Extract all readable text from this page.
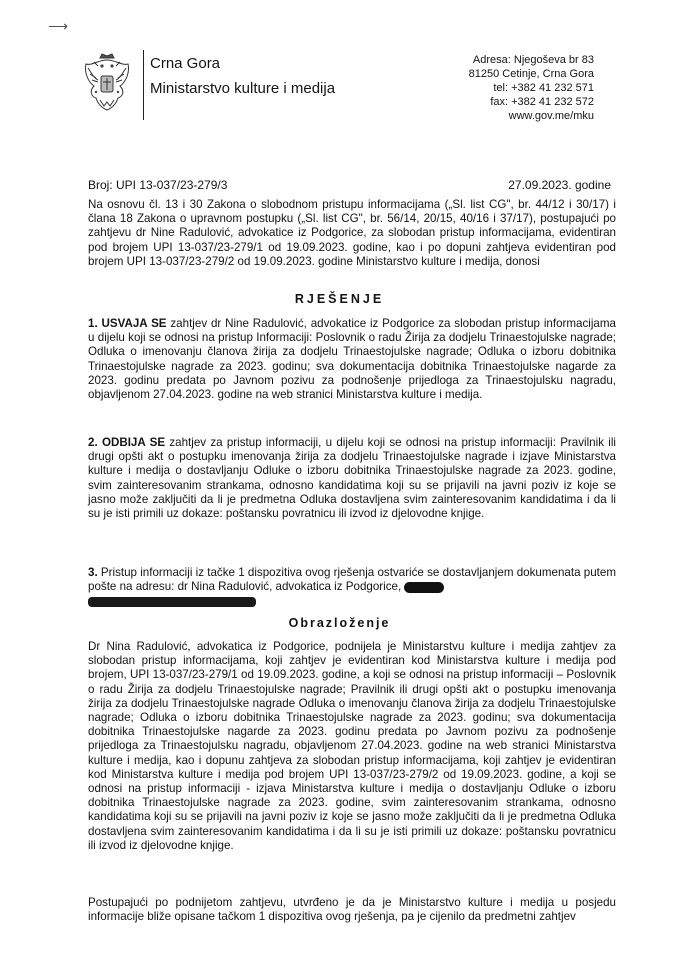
⟶
Crna Gora
Ministarstvo kulture i medija
Adresa: Njegoševa br 83
81250 Cetinje, Crna Gora
tel: +382 41 232 571
fax: +382 41 232 572
www.gov.me/mku
Broj: UPI 13-037/23-279/3	27.09.2023. godine

Na osnovu čl. 13 i 30 Zakona o slobodnom pristupu informacijama („Sl. list CG", br. 44/12 i 30/17) i člana 18 Zakona o upravnom postupku („Sl. list CG", br. 56/14, 20/15, 40/16 i 37/17), postupajući po zahtjevu dr Nine Radulović, advokatice iz Podgorice, za slobodan pristup informacijama, evidentiran pod brojem UPI 13-037/23-279/1 od 19.09.2023. godine, kao i po dopuni zahtjeva evidentiran pod brojem UPI 13-037/23-279/2 od 19.09.2023. godine Ministarstvo kulture i medija, donosi

RJEŠENJE

1. USVAJA SE zahtjev dr Nine Radulović, advokatice iz Podgorice za slobodan pristup informacijama u dijelu koji se odnosi na pristup Informaciji: Poslovnik o radu Žirija za dodjelu Trinaestojulske nagrade; Odluka o imenovanju članova žirija za dodjelu Trinaestojulske nagrade; Odluka o izboru dobitnika Trinaestojulske nagrade za 2023. godinu; sva dokumentacija dobitnika Trinaestojulske nagarde za 2023. godinu predata po Javnom pozivu za podnošenje prijedloga za Trinaestojulsku nagradu, objavljenom 27.04.2023. godine na web stranici Ministarstva kulture i medija.

2. ODBIJA SE zahtjev za pristup informaciji, u dijelu koji se odnosi na pristup informaciji: Pravilnik ili drugi opšti akt o postupku imenovanja žirija za dodjelu Trinaestojulske nagrade i izjave Ministarstva kulture i medija o dostavljanju Odluke o izboru dobitnika Trinaestojulske nagrade za 2023. godine, svim zainteresovanim strankama, odnosno kandidatima koji su se prijavili na javni poziv iz koje se jasno može zaključiti da li je predmetna Odluka dostavljena svim zainteresovanim kandidatima i da li su je isti primili uz dokaze: poštansku povratnicu ili izvod iz djelovodne knjige.

3. Pristup informaciji iz tačke 1 dispozitiva ovog rješenja ostvariće se dostavljanjem dokumenata putem pošte na adresu: dr Nina Radulović, advokatica iz Podgorice,

Obrazloženje

Dr Nina Radulović, advokatica iz Podgorice, podnijela je Ministarstvu kulture i medija zahtjev za slobodan pristup informacijama, koji zahtjev je evidentiran kod Ministarstva kulture i medija pod brojem, UPI 13-037/23-279/1 od 19.09.2023. godine, a koji se odnosi na pristup informaciji – Poslovnik o radu Žirija za dodjelu Trinaestojulske nagrade; Pravilnik ili drugi opšti akt o postupku imenovanja žirija za dodjelu Trinaestojulske nagrade Odluka o imenovanju članova žirija za dodjelu Trinaestojulske nagrade; Odluka o izboru dobitnika Trinaestojulske nagrade za 2023. godinu; sva dokumentacija dobitnika Trinaestojulske nagarde za 2023. godinu predata po Javnom pozivu za podnošenje prijedloga za Trinaestojulsku nagradu, objavljenom 27.04.2023. godine na web stranici Ministarstva kulture i medija, kao i dopunu zahtjeva za slobodan pristup informacijama, koji zahtjev je evidentiran kod Ministarstva kulture i medija pod brojem UPI 13-037/23-279/2 od 19.09.2023. godine, a koji se odnosi na pristup informaciji - izjava Ministarstva kulture i medija o dostavljanju Odluke o izboru dobitnika Trinaestojulske nagrade za 2023. godine, svim zainteresovanim strankama, odnosno kandidatima koji su se prijavili na javni poziv iz koje se jasno može zaključiti da li je predmetna Odluka dostavljena svim zainteresovanim kandidatima i da li su je isti primili uz dokaze: poštansku povratnicu ili izvod iz djelovodne knjige.

Postupajući po podnijetom zahtjevu, utvrđeno je da je Ministarstvo kulture i medija u posjedu informacije bliže opisane tačkom 1 dispozitiva ovog rješenja, pa je cijenilo da predmetni zahtjev
